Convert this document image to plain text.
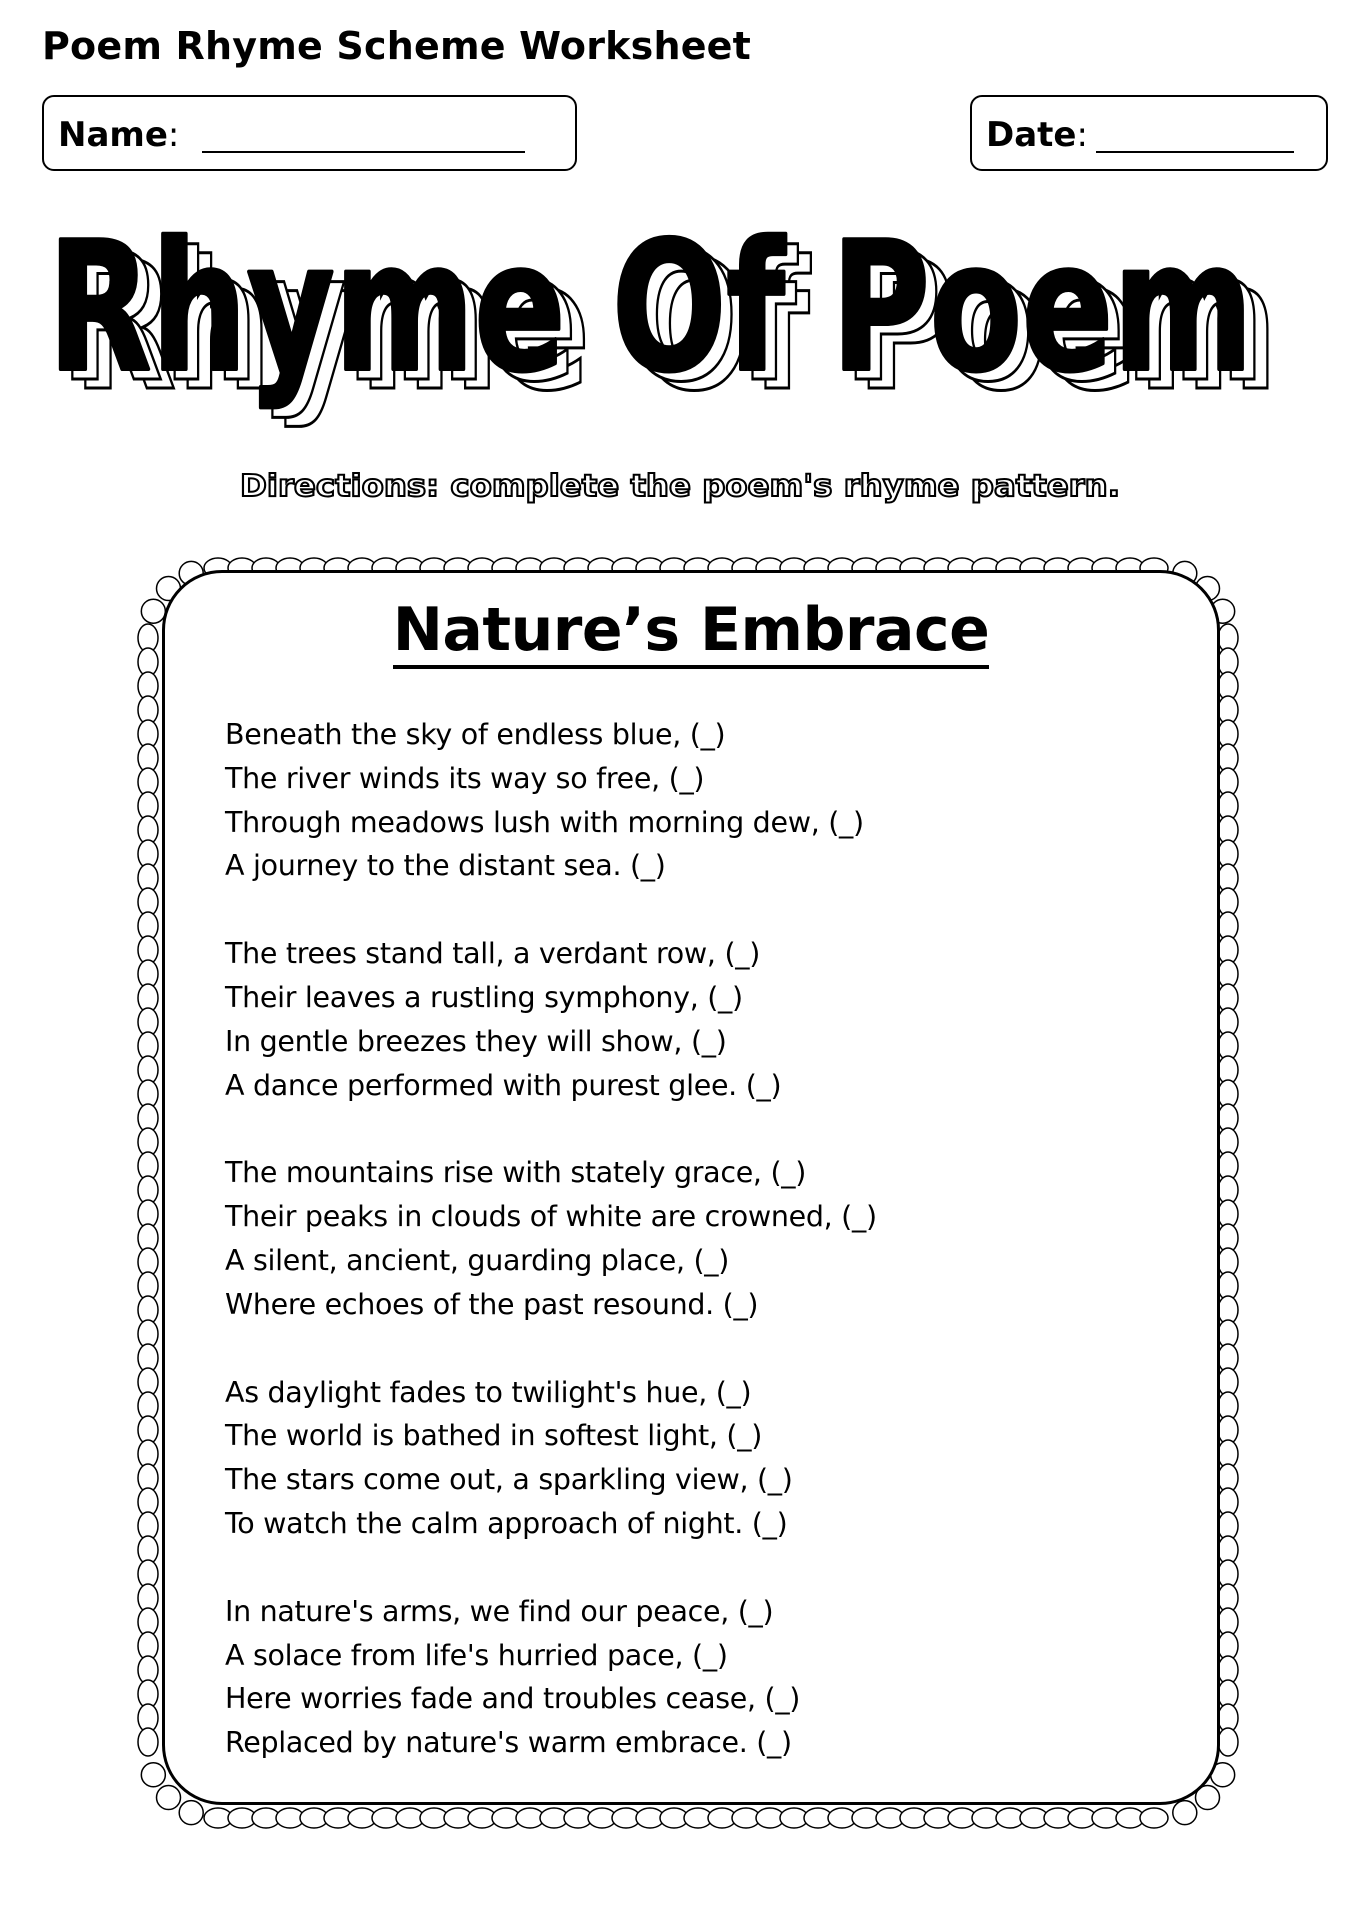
Poem Rhyme Scheme Worksheet
Name:	Date:
Rhyme Of Poem
Rhyme Of Poem
Rhyme Of Poem
Directions: complete the poem's rhyme pattern.
Nature’s Embrace
Beneath the sky of endless blue, (_)
The river winds its way so free, (_)
Through meadows lush with morning dew, (_)
A journey to the distant sea. (_)
The trees stand tall, a verdant row, (_)
Their leaves a rustling symphony, (_)
In gentle breezes they will show, (_)
A dance performed with purest glee. (_)
The mountains rise with stately grace, (_)
Their peaks in clouds of white are crowned, (_)
A silent, ancient, guarding place, (_)
Where echoes of the past resound. (_)
As daylight fades to twilight's hue, (_)
The world is bathed in softest light, (_)
The stars come out, a sparkling view, (_)
To watch the calm approach of night. (_)
In nature's arms, we find our peace, (_)
A solace from life's hurried pace, (_)
Here worries fade and troubles cease, (_)
Replaced by nature's warm embrace. (_)
